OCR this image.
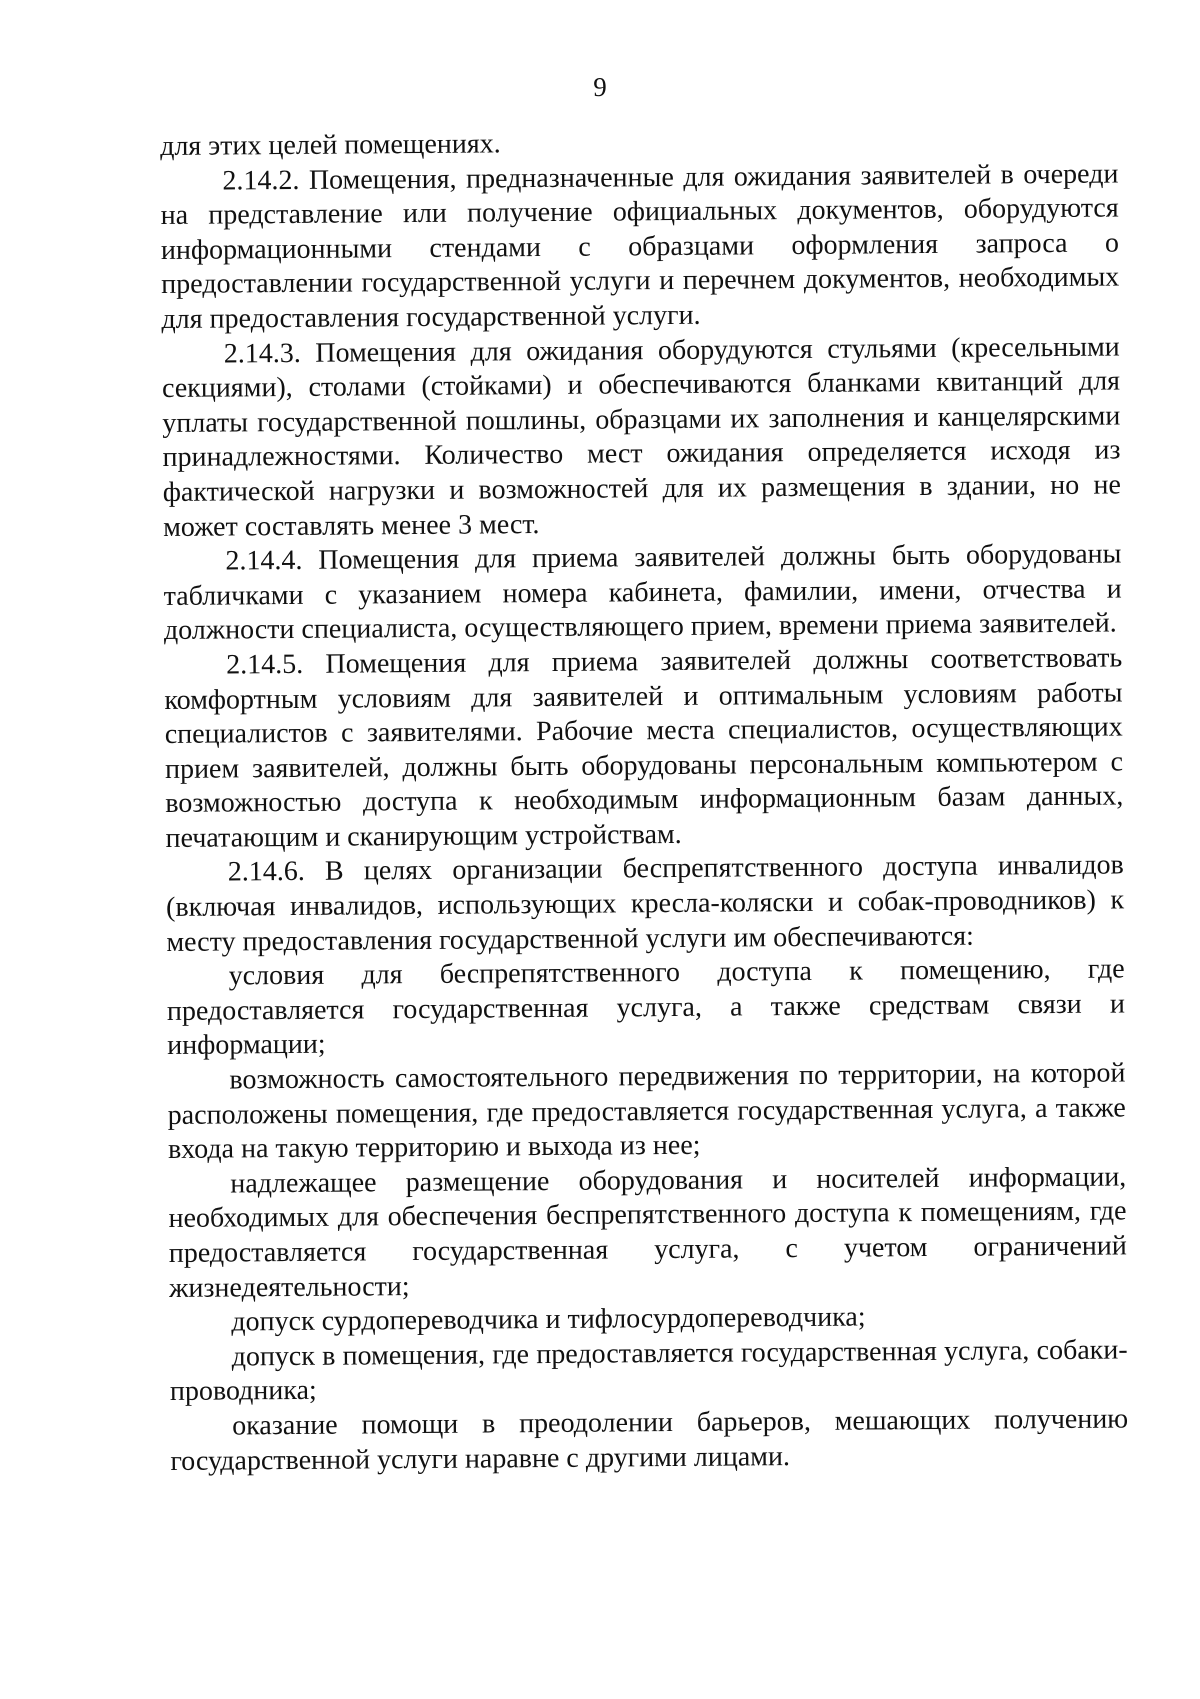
9

для этих целей помещениях.

2.14.2. Помещения, предназначенные для ожидания заявителей в очереди на представление или получение официальных документов, оборудуются информационными стендами с образцами оформления запроса о предоставлении государственной услуги и перечнем документов, необходимых для предоставления государственной услуги.

2.14.3. Помещения для ожидания оборудуются стульями (кресельными секциями), столами (стойками) и обеспечиваются бланками квитанций для уплаты государственной пошлины, образцами их заполнения и канцелярскими принадлежностями. Количество мест ожидания определяется исходя из фактической нагрузки и возможностей для их размещения в здании, но не может составлять менее 3 мест.

2.14.4. Помещения для приема заявителей должны быть оборудованы табличками с указанием номера кабинета, фамилии, имени, отчества и должности специалиста, осуществляющего прием, времени приема заявителей.

2.14.5. Помещения для приема заявителей должны соответствовать комфортным условиям для заявителей и оптимальным условиям работы специалистов с заявителями. Рабочие места специалистов, осуществляющих прием заявителей, должны быть оборудованы персональным компьютером с возможностью доступа к необходимым информационным базам данных, печатающим и сканирующим устройствам.

2.14.6. В целях организации беспрепятственного доступа инвалидов (включая инвалидов, использующих кресла-коляски и собак-проводников) к месту предоставления государственной услуги им обеспечиваются:

условия для беспрепятственного доступа к помещению, где предоставляется государственная услуга, а также средствам связи и информации;

возможность самостоятельного передвижения по территории, на которой расположены помещения, где предоставляется государственная услуга, а также входа на такую территорию и выхода из нее;

надлежащее размещение оборудования и носителей информации, необходимых для обеспечения беспрепятственного доступа к помещениям, где предоставляется государственная услуга, с учетом ограничений жизнедеятельности;

допуск сурдопереводчика и тифлосурдопереводчика;

допуск в помещения, где предоставляется государственная услуга, собаки-проводника;

оказание помощи в преодолении барьеров, мешающих получению государственной услуги наравне с другими лицами.
